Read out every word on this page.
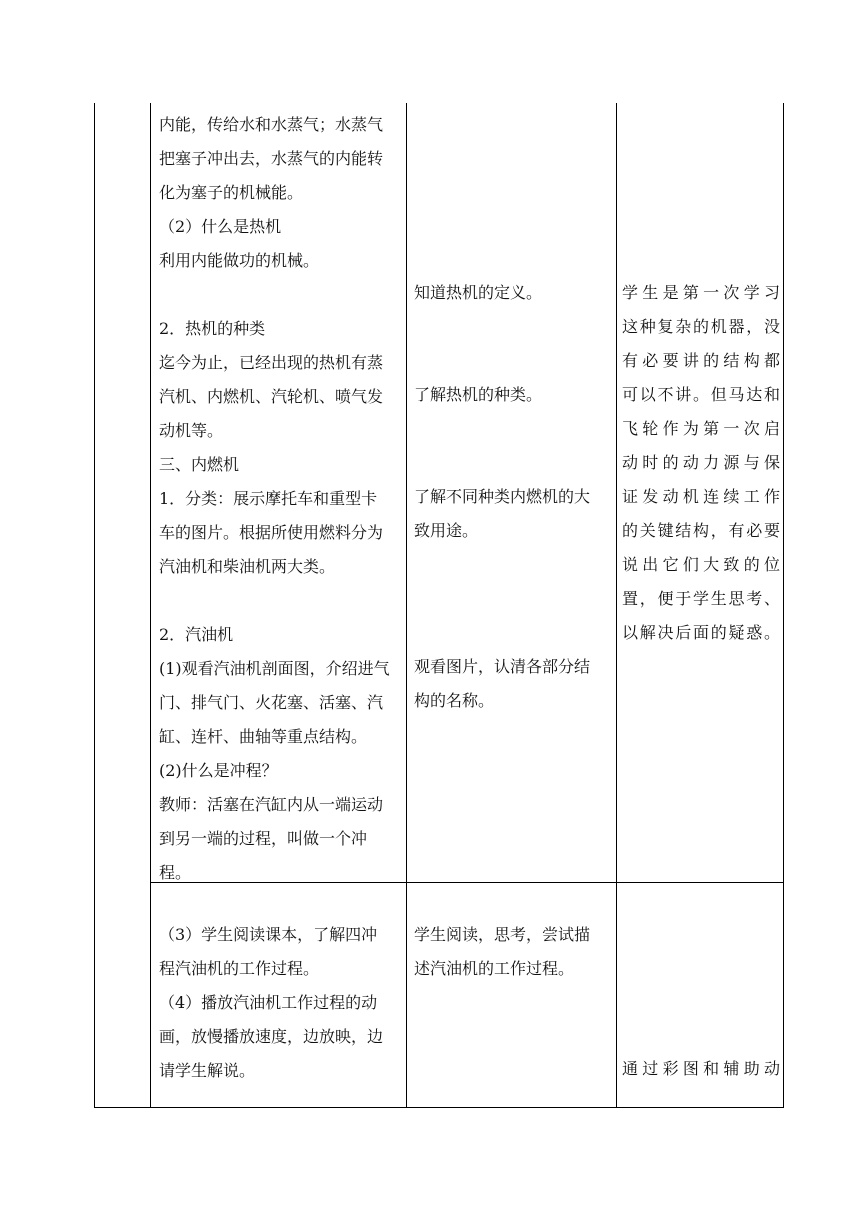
内能，传给水和水蒸气；水蒸气

把塞子冲出去，水蒸气的内能转

化为塞子的机械能。

（2）什么是热机

利用内能做功的机械。

2．热机的种类

迄今为止，已经出现的热机有蒸

汽机、内燃机、汽轮机、喷气发

动机等。

三、内燃机

1．分类：展示摩托车和重型卡

车的图片。根据所使用燃料分为

汽油机和柴油机两大类。

2．汽油机

(1)观看汽油机剖面图，介绍进气

门、排气门、火花塞、活塞、汽

缸、连杆、曲轴等重点结构。

(2)什么是冲程？

教师：活塞在汽缸内从一端运动

到另一端的过程，叫做一个冲

程。

知道热机的定义。

了解热机的种类。

了解不同种类内燃机的大

致用途。

观看图片，认清各部分结

构的名称。

学生是第一次学习

这种复杂的机器，没

有必要讲的结构都

可以不讲。但马达和

飞轮作为第一次启

动时的动力源与保

证发动机连续工作

的关键结构，有必要

说出它们大致的位

置，便于学生思考、

以解决后面的疑惑。

（3）学生阅读课本，了解四冲

程汽油机的工作过程。

（4）播放汽油机工作过程的动

画，放慢播放速度，边放映，边

请学生解说。

学生阅读，思考，尝试描

述汽油机的工作过程。

通过彩图和辅助动
